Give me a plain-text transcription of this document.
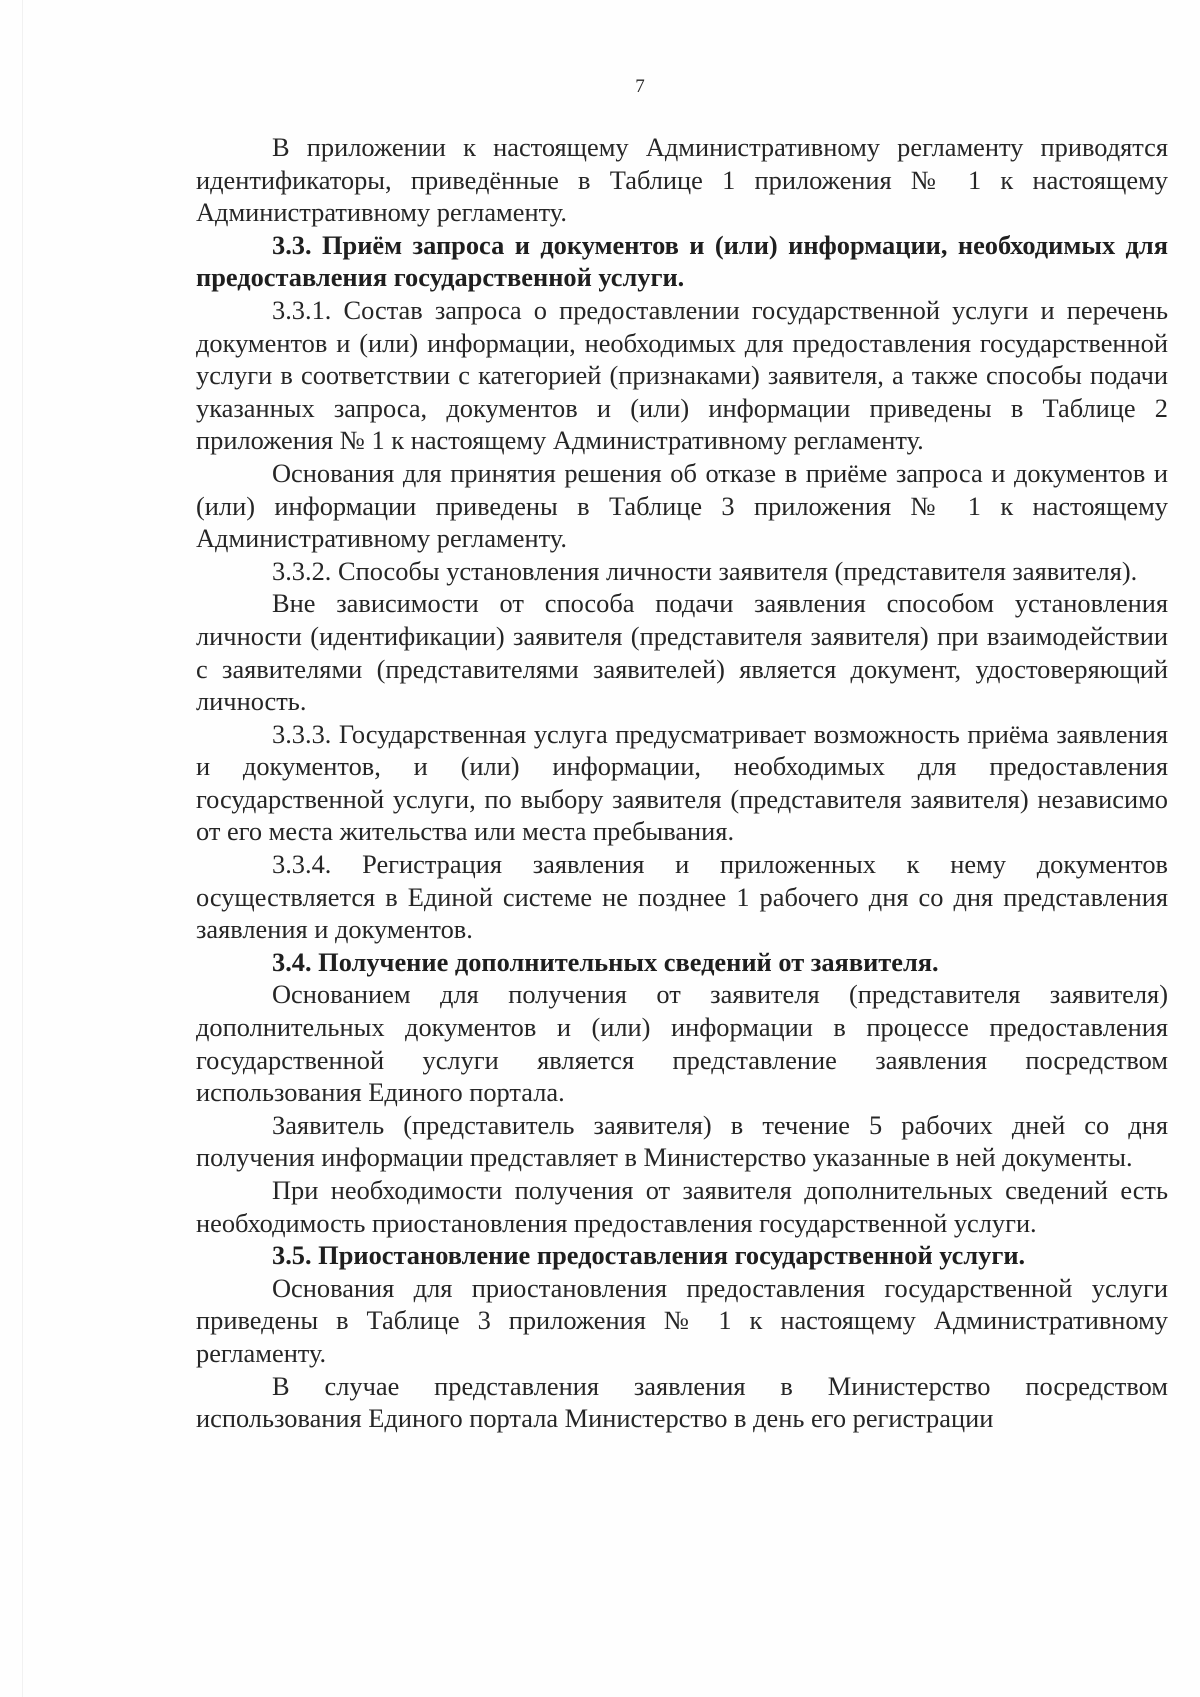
7

В приложении к настоящему Административному регламенту приводятся идентификаторы, приведённые в Таблице 1 приложения № 1 к настоящему Административному регламенту.

3.3. Приём запроса и документов и (или) информации, необходимых для предоставления государственной услуги.

3.3.1. Состав запроса о предоставлении государственной услуги и перечень документов и (или) информации, необходимых для предоставления государственной услуги в соответствии с категорией (признаками) заявителя, а также способы подачи указанных запроса, документов и (или) информации приведены в Таблице 2 приложения № 1 к настоящему Административному регламенту.

Основания для принятия решения об отказе в приёме запроса и документов и (или) информации приведены в Таблице 3 приложения № 1 к настоящему Административному регламенту.

3.3.2. Способы установления личности заявителя (представителя заявителя).

Вне зависимости от способа подачи заявления способом установления личности (идентификации) заявителя (представителя заявителя) при взаимодействии с заявителями (представителями заявителей) является документ, удостоверяющий личность.

3.3.3. Государственная услуга предусматривает возможность приёма заявления и документов, и (или) информации, необходимых для предоставления государственной услуги, по выбору заявителя (представителя заявителя) независимо от его места жительства или места пребывания.

3.3.4. Регистрация заявления и приложенных к нему документов осуществляется в Единой системе не позднее 1 рабочего дня со дня представления заявления и документов.

3.4. Получение дополнительных сведений от заявителя.

Основанием для получения от заявителя (представителя заявителя) дополнительных документов и (или) информации в процессе предоставления государственной услуги является представление заявления посредством использования Единого портала.

Заявитель (представитель заявителя) в течение 5 рабочих дней со дня получения информации представляет в Министерство указанные в ней документы.

При необходимости получения от заявителя дополнительных сведений есть необходимость приостановления предоставления государственной услуги.

3.5. Приостановление предоставления государственной услуги.

Основания для приостановления предоставления государственной услуги приведены в Таблице 3 приложения № 1 к настоящему Административному регламенту.

В случае представления заявления в Министерство посредством использования Единого портала Министерство в день его регистрации
